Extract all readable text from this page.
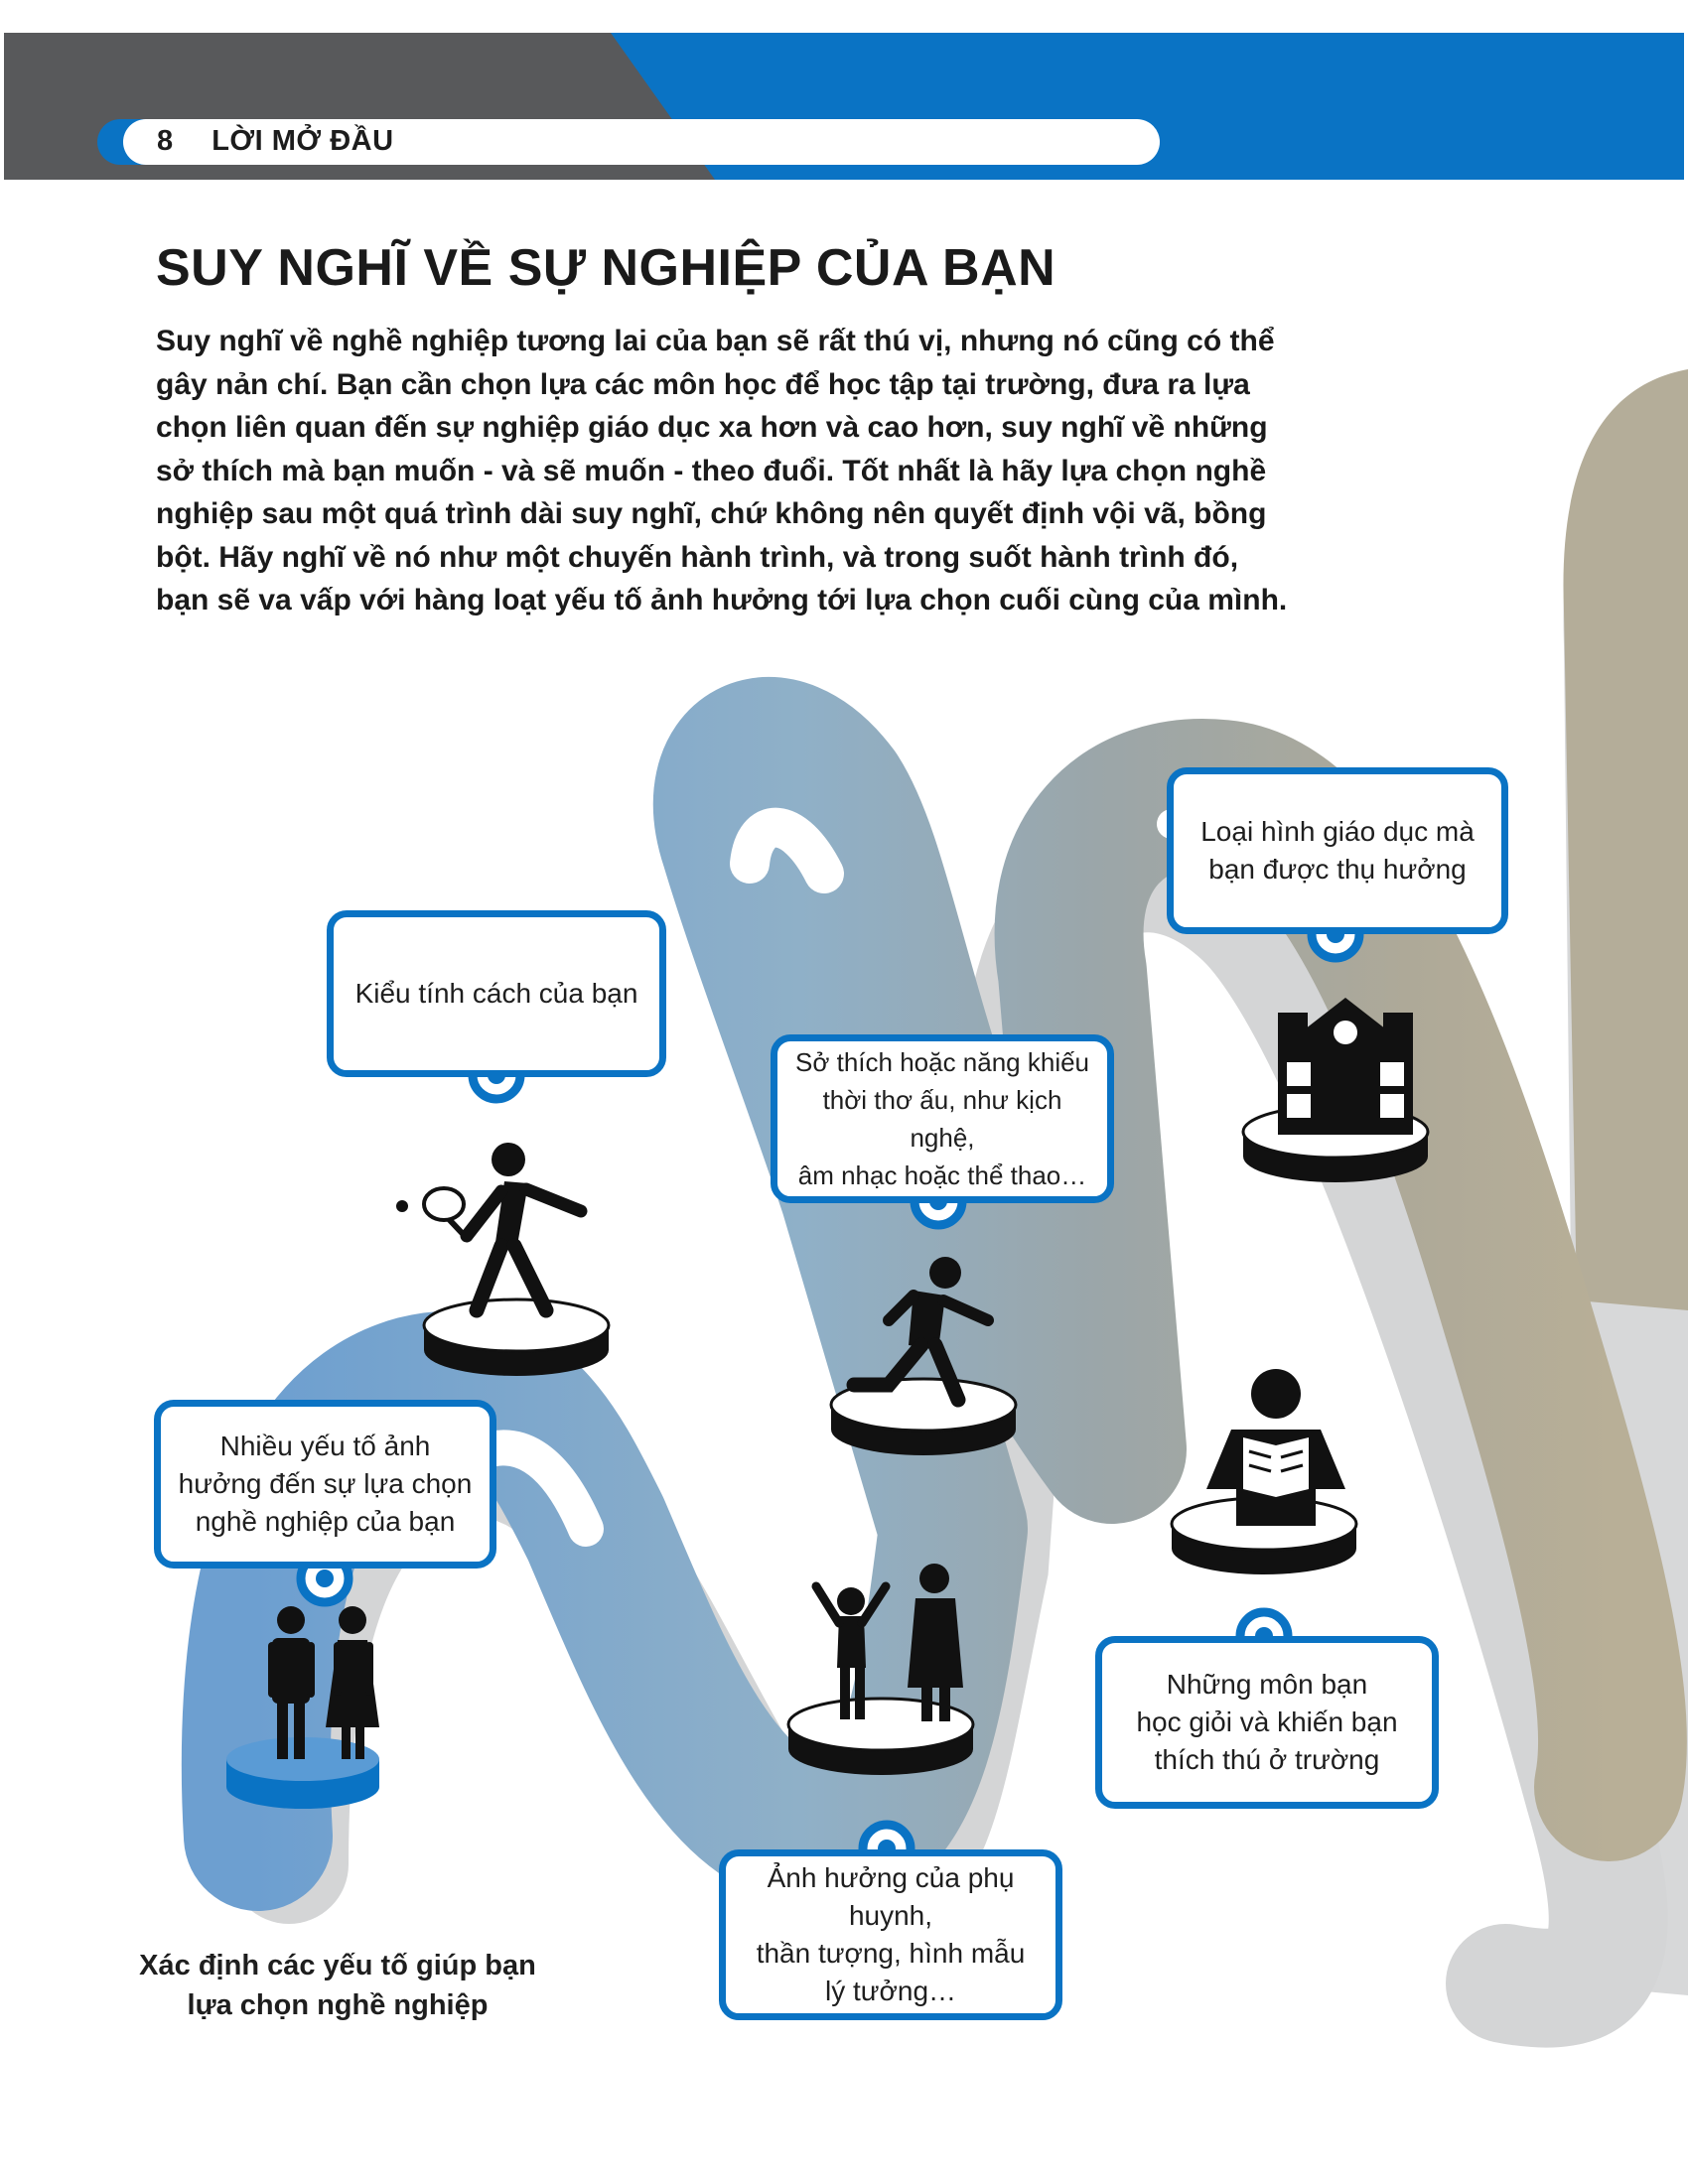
8 LỜI MỞ ĐẦU
SUY NGHĨ VỀ SỰ NGHIỆP CỦA BẠN

Suy nghĩ về nghề nghiệp tương lai của bạn sẽ rất thú vị, nhưng nó cũng có thể gây nản chí. Bạn cần chọn lựa các môn học để học tập tại trường, đưa ra lựa chọn liên quan đến sự nghiệp giáo dục xa hơn và cao hơn, suy nghĩ về những sở thích mà bạn muốn - và sẽ muốn - theo đuổi. Tốt nhất là hãy lựa chọn nghề nghiệp sau một quá trình dài suy nghĩ, chứ không nên quyết định vội vã, bồng bột. Hãy nghĩ về nó như một chuyến hành trình, và trong suốt hành trình đó, bạn sẽ va vấp với hàng loạt yếu tố ảnh hưởng tới lựa chọn cuối cùng của mình.

Nhiều yếu tố ảnh
hưởng đến sự lựa chọn
nghề nghiệp của bạn
Kiểu tính cách của bạn
Sở thích hoặc năng khiếu
thời thơ ấu, như kịch nghệ,
âm nhạc hoặc thể thao…
Loại hình giáo dục mà
bạn được thụ hưởng
Ảnh hưởng của phụ huynh,
thần tượng, hình mẫu
lý tưởng…
Những môn bạn
học giỏi và khiến bạn
thích thú ở trường
Xác định các yếu tố giúp bạn
lựa chọn nghề nghiệp
